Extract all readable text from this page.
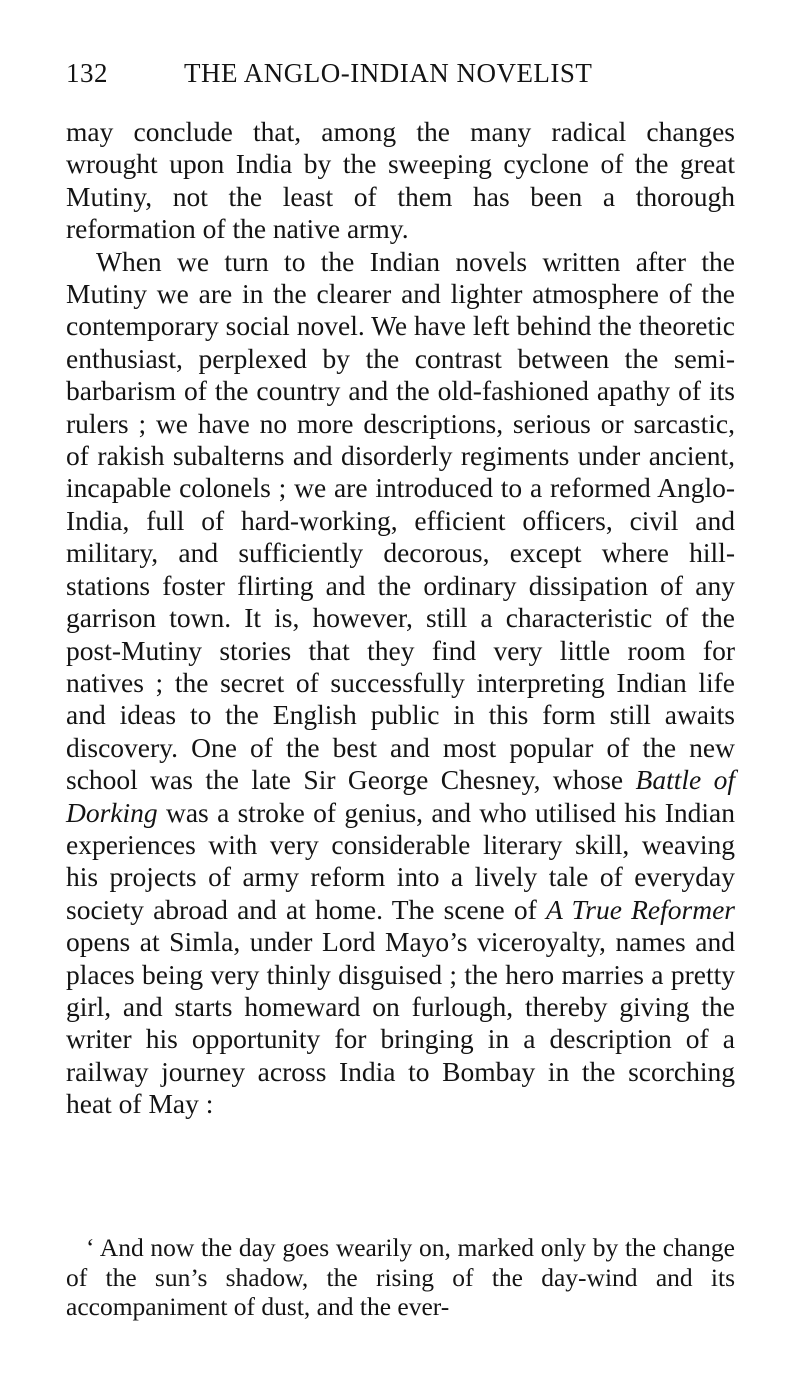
132	THE ANGLO-INDIAN NOVELIST

may conclude that, among the many radical changes wrought upon India by the sweeping cyclone of the great Mutiny, not the least of them has been a thorough reformation of the native army.

When we turn to the Indian novels written after the Mutiny we are in the clearer and lighter atmosphere of the contemporary social novel. We have left behind the theoretic enthusiast, perplexed by the contrast between the semi-barbarism of the country and the old-fashioned apathy of its rulers ; we have no more descriptions, serious or sarcastic, of rakish subalterns and disorderly regiments under ancient, incapable colonels ; we are introduced to a reformed Anglo-India, full of hard-working, efficient officers, civil and military, and sufficiently decorous, except where hill-stations foster flirting and the ordinary dissipation of any garrison town. It is, however, still a characteristic of the post-Mutiny stories that they find very little room for natives ; the secret of successfully interpreting Indian life and ideas to the English public in this form still awaits discovery. One of the best and most popular of the new school was the late Sir George Chesney, whose Battle of Dorking was a stroke of genius, and who utilised his Indian experiences with very considerable literary skill, weaving his projects of army reform into a lively tale of everyday society abroad and at home. The scene of A True Reformer opens at Simla, under Lord Mayo’s viceroyalty, names and places being very thinly disguised ; the hero marries a pretty girl, and starts homeward on furlough, thereby giving the writer his opportunity for bringing in a description of a railway journey across India to Bombay in the scorching heat of May :

‘ And now the day goes wearily on, marked only by the change of the sun’s shadow, the rising of the day-wind and its accompaniment of dust, and the ever-
